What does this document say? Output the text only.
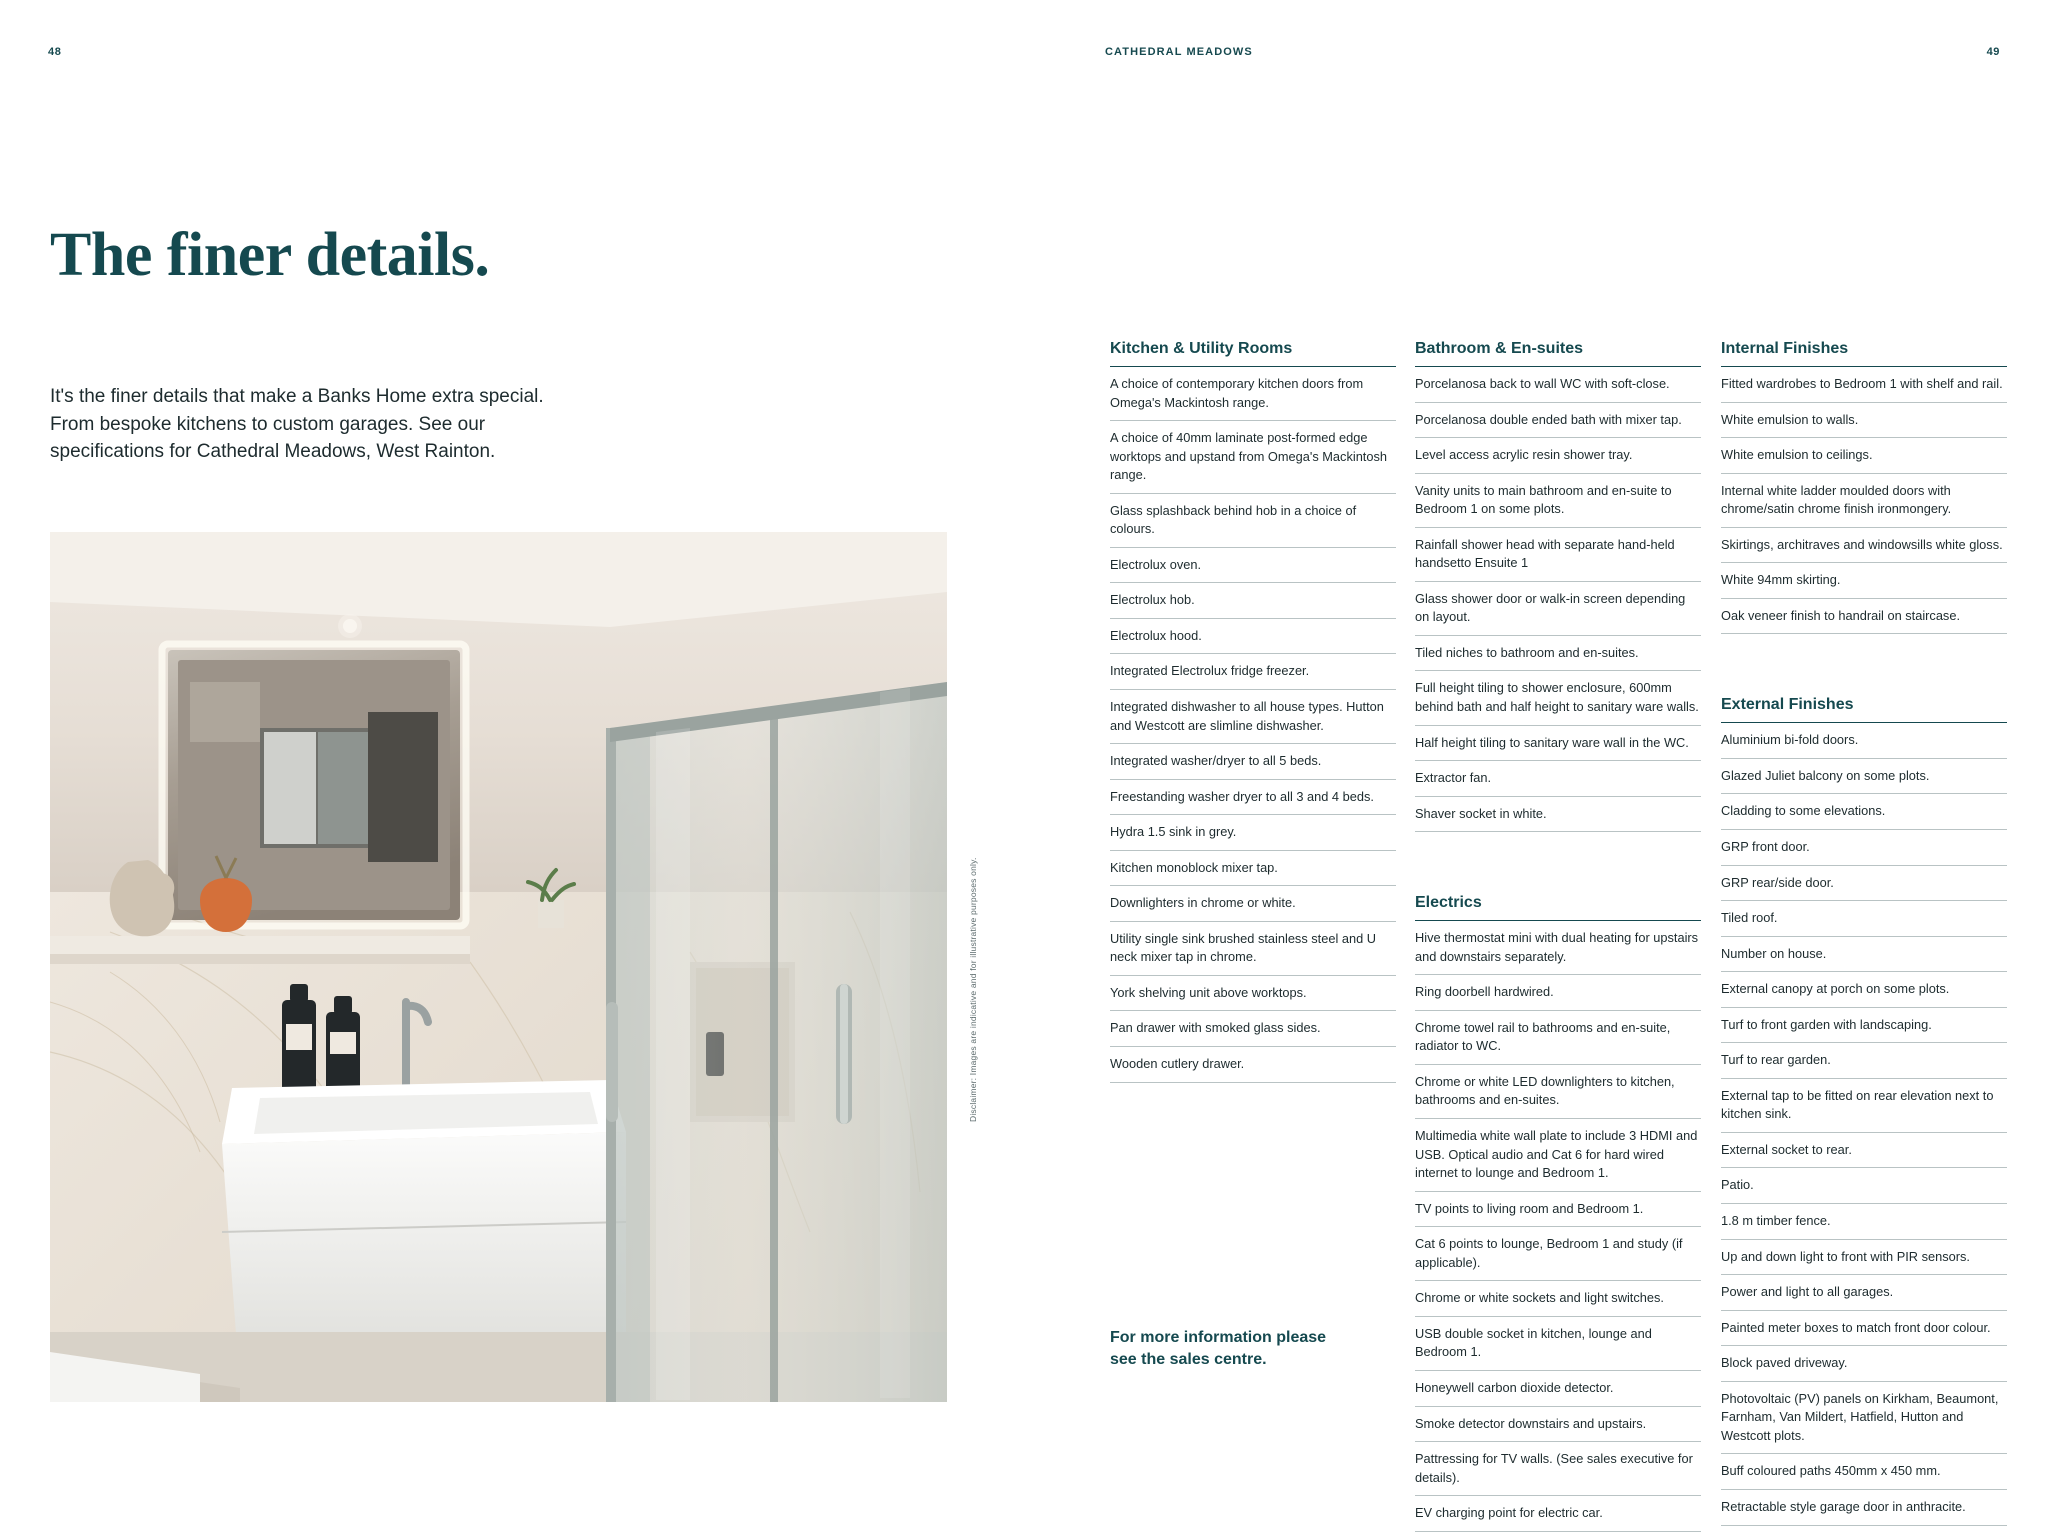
48	CATHEDRAL MEADOWS	49
The finer details.

It's the finer details that make a Banks Home extra special. From bespoke kitchens to custom garages. See our specifications for Cathedral Meadows, West Rainton.

Disclaimer: Images are indicative and for illustrative purposes only.
Kitchen & Utility Rooms
A choice of contemporary kitchen doors from Omega's Mackintosh range.
A choice of 40mm laminate post-formed edge worktops and upstand from Omega's Mackintosh range.
Glass splashback behind hob in a choice of colours.
Electrolux oven.
Electrolux hob.
Electrolux hood.
Integrated Electrolux fridge freezer.
Integrated dishwasher to all house types. Hutton and Westcott are slimline dishwasher.
Integrated washer/dryer to all 5 beds.
Freestanding washer dryer to all 3 and 4 beds.
Hydra 1.5 sink in grey.
Kitchen monoblock mixer tap.
Downlighters in chrome or white.
Utility single sink brushed stainless steel and U neck mixer tap in chrome.
York shelving unit above worktops.
Pan drawer with smoked glass sides.
Wooden cutlery drawer.
For more information please see the sales centre.
Bathroom & En-suites
Porcelanosa back to wall WC with soft-close.
Porcelanosa double ended bath with mixer tap.
Level access acrylic resin shower tray.
Vanity units to main bathroom and en-suite to Bedroom 1 on some plots.
Rainfall shower head with separate hand-held handsetto Ensuite 1
Glass shower door or walk-in screen depending on layout.
Tiled niches to bathroom and en-suites.
Full height tiling to shower enclosure, 600mm behind bath and half height to sanitary ware walls.
Half height tiling to sanitary ware wall in the WC.
Extractor fan.
Shaver socket in white.
Electrics
Hive thermostat mini with dual heating for upstairs and downstairs separately.
Ring doorbell hardwired.
Chrome towel rail to bathrooms and en-suite, radiator to WC.
Chrome or white LED downlighters to kitchen, bathrooms and en-suites.
Multimedia white wall plate to include 3 HDMI and USB. Optical audio and Cat 6 for hard wired internet to lounge and Bedroom 1.
TV points to living room and Bedroom 1.
Cat 6 points to lounge, Bedroom 1 and study (if applicable).
Chrome or white sockets and light switches.
USB double socket in kitchen, lounge and Bedroom 1.
Honeywell carbon dioxide detector.
Smoke detector downstairs and upstairs.
Pattressing for TV walls. (See sales executive for details).
EV charging point for electric car.
Internal Finishes
Fitted wardrobes to Bedroom 1 with shelf and rail.
White emulsion to walls.
White emulsion to ceilings.
Internal white ladder moulded doors with chrome/satin chrome finish ironmongery.
Skirtings, architraves and windowsills white gloss.
White 94mm skirting.
Oak veneer finish to handrail on staircase.
External Finishes
Aluminium bi-fold doors.
Glazed Juliet balcony on some plots.
Cladding to some elevations.
GRP front door.
GRP rear/side door.
Tiled roof.
Number on house.
External canopy at porch on some plots.
Turf to front garden with landscaping.
Turf to rear garden.
External tap to be fitted on rear elevation next to kitchen sink.
External socket to rear.
Patio.
1.8 m timber fence.
Up and down light to front with PIR sensors.
Power and light to all garages.
Painted meter boxes to match front door colour.
Block paved driveway.
Photovoltaic (PV) panels on Kirkham, Beaumont, Farnham, Van Mildert, Hatfield, Hutton and Westcott plots.
Buff coloured paths 450mm x 450 mm.
Retractable style garage door in anthracite.
